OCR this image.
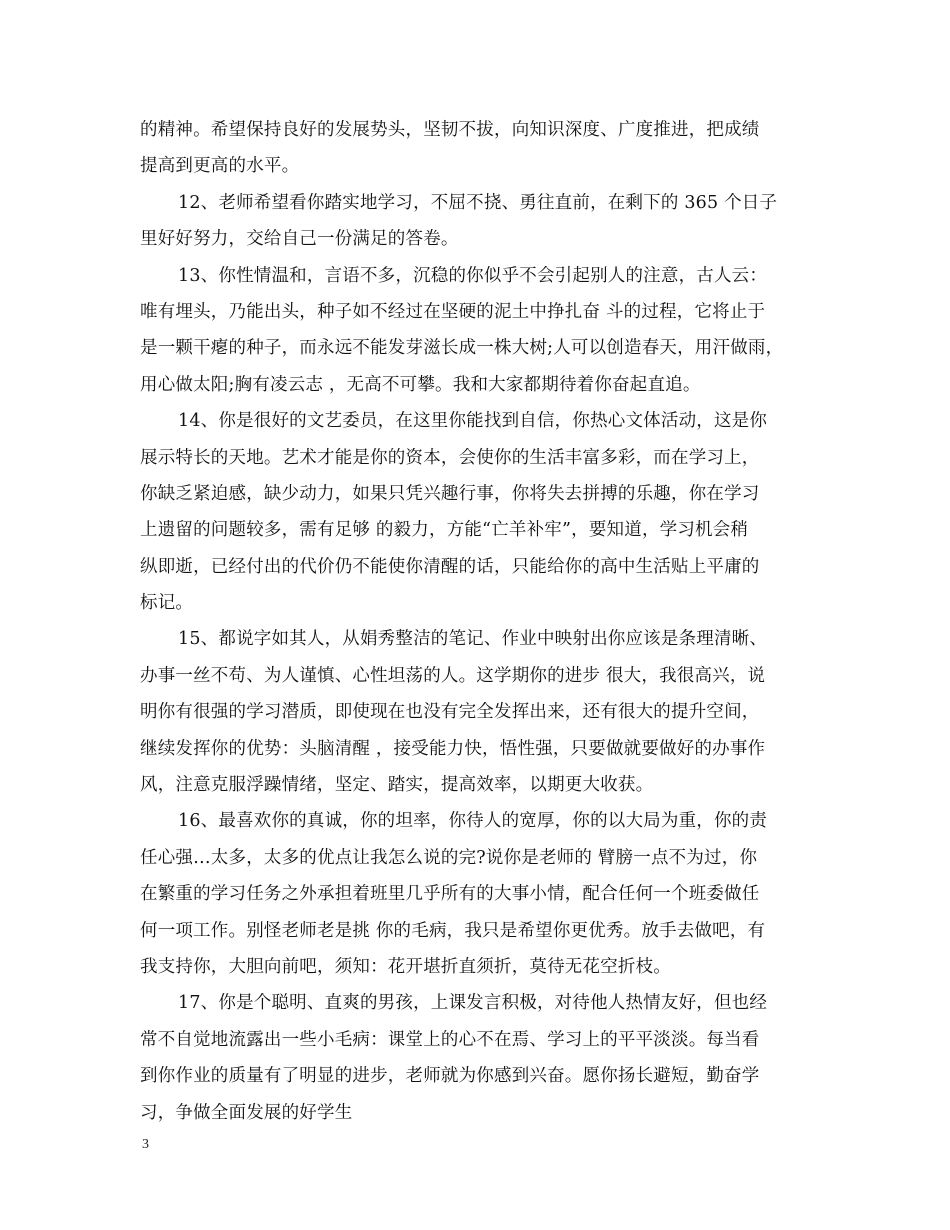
的精神。希望保持良好的发展势头，坚韧不拔，向知识深度、广度推进，把成绩
提高到更高的水平。
12、老师希望看你踏实地学习，不屈不挠、勇往直前，在剩下的 365 个日子
里好好努力，交给自己一份满足的答卷。
13、你性情温和，言语不多，沉稳的你似乎不会引起别人的注意，古人云：
唯有埋头，乃能出头，种子如不经过在坚硬的泥土中挣扎奋 斗的过程，它将止于
是一颗干瘪的种子，而永远不能发芽滋长成一株大树;人可以创造春天，用汗做雨，
用心做太阳;胸有凌云志 ，无高不可攀。我和大家都期待着你奋起直追。
14、你是很好的文艺委员，在这里你能找到自信，你热心文体活动，这是你
展示特长的天地。艺术才能是你的资本，会使你的生活丰富多彩，而在学习上，
你缺乏紧迫感，缺少动力，如果只凭兴趣行事，你将失去拼搏的乐趣，你在学习
上遗留的问题较多，需有足够 的毅力，方能“亡羊补牢”，要知道，学习机会稍
纵即逝，已经付出的代价仍不能使你清醒的话，只能给你的高中生活贴上平庸的
标记。
15、都说字如其人，从娟秀整洁的笔记、作业中映射出你应该是条理清晰、
办事一丝不苟、为人谨慎、心性坦荡的人。这学期你的进步 很大，我很高兴，说
明你有很强的学习潜质，即使现在也没有完全发挥出来，还有很大的提升空间，
继续发挥你的优势：头脑清醒 ，接受能力快，悟性强，只要做就要做好的办事作
风，注意克服浮躁情绪，坚定、踏实，提高效率，以期更大收获。
16、最喜欢你的真诚，你的坦率，你待人的宽厚，你的以大局为重，你的责
任心强…太多，太多的优点让我怎么说的完?说你是老师的 臂膀一点不为过，你
在繁重的学习任务之外承担着班里几乎所有的大事小情，配合任何一个班委做任
何一项工作。别怪老师老是挑 你的毛病，我只是希望你更优秀。放手去做吧，有
我支持你，大胆向前吧，须知：花开堪折直须折，莫待无花空折枝。
17、你是个聪明、直爽的男孩，上课发言积极，对待他人热情友好，但也经
常不自觉地流露出一些小毛病：课堂上的心不在焉、学习上的平平淡淡。每当看
到你作业的质量有了明显的进步，老师就为你感到兴奋。愿你扬长避短，勤奋学
习，争做全面发展的好学生
3
